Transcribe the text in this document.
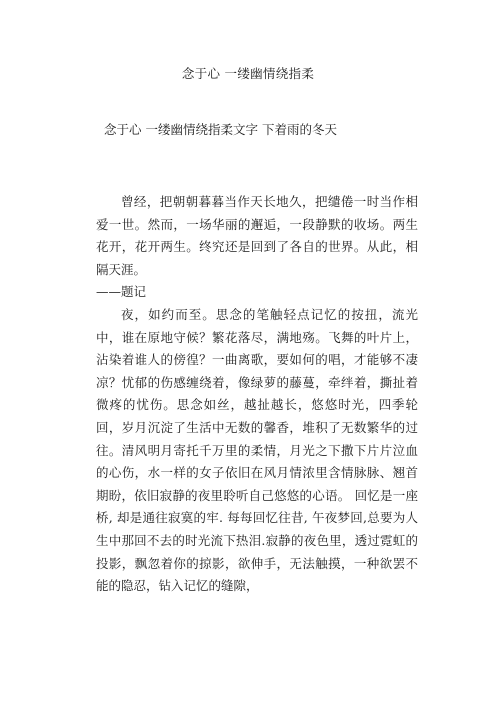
念于心 一缕幽情绕指柔
念于心 一缕幽情绕指柔文字 下着雨的冬天

曾经，把朝朝暮暮当作天长地久，把缱倦一时当作相爱一世。然而，一场华丽的邂逅，一段静默的收场。两生花开，花开两生。终究还是回到了各自的世界。从此，相隔天涯。

——题记

夜，如约而至。思念的笔触轻点记忆的按扭，流光中，谁在原地守候？繁花落尽，满地殇。飞舞的叶片上，沾染着谁人的傍徨？一曲离歌，要如何的唱，才能够不凄凉？忧郁的伤感缠绕着，像绿萝的藤蔓，牵绊着，撕扯着微疼的忧伤。思念如丝，越扯越长，悠悠时光，四季轮回，岁月沉淀了生活中无数的馨香，堆积了无数繁华的过往。清风明月寄托千万里的柔情，月光之下撒下片片泣血的心伤，水一样的女子依旧在风月情浓里含情脉脉、翘首期盼，依旧寂静的夜里聆听自己悠悠的心语。 回忆是一座桥, 却是通往寂寞的牢. 每每回忆往昔, 午夜梦回,总要为人生中那回不去的时光流下热泪.寂静的夜色里，透过霓虹的投影，飘忽着你的掠影，欲伸手，无法触摸，一种欲罢不能的隐忍，钻入记忆的缝隙，
